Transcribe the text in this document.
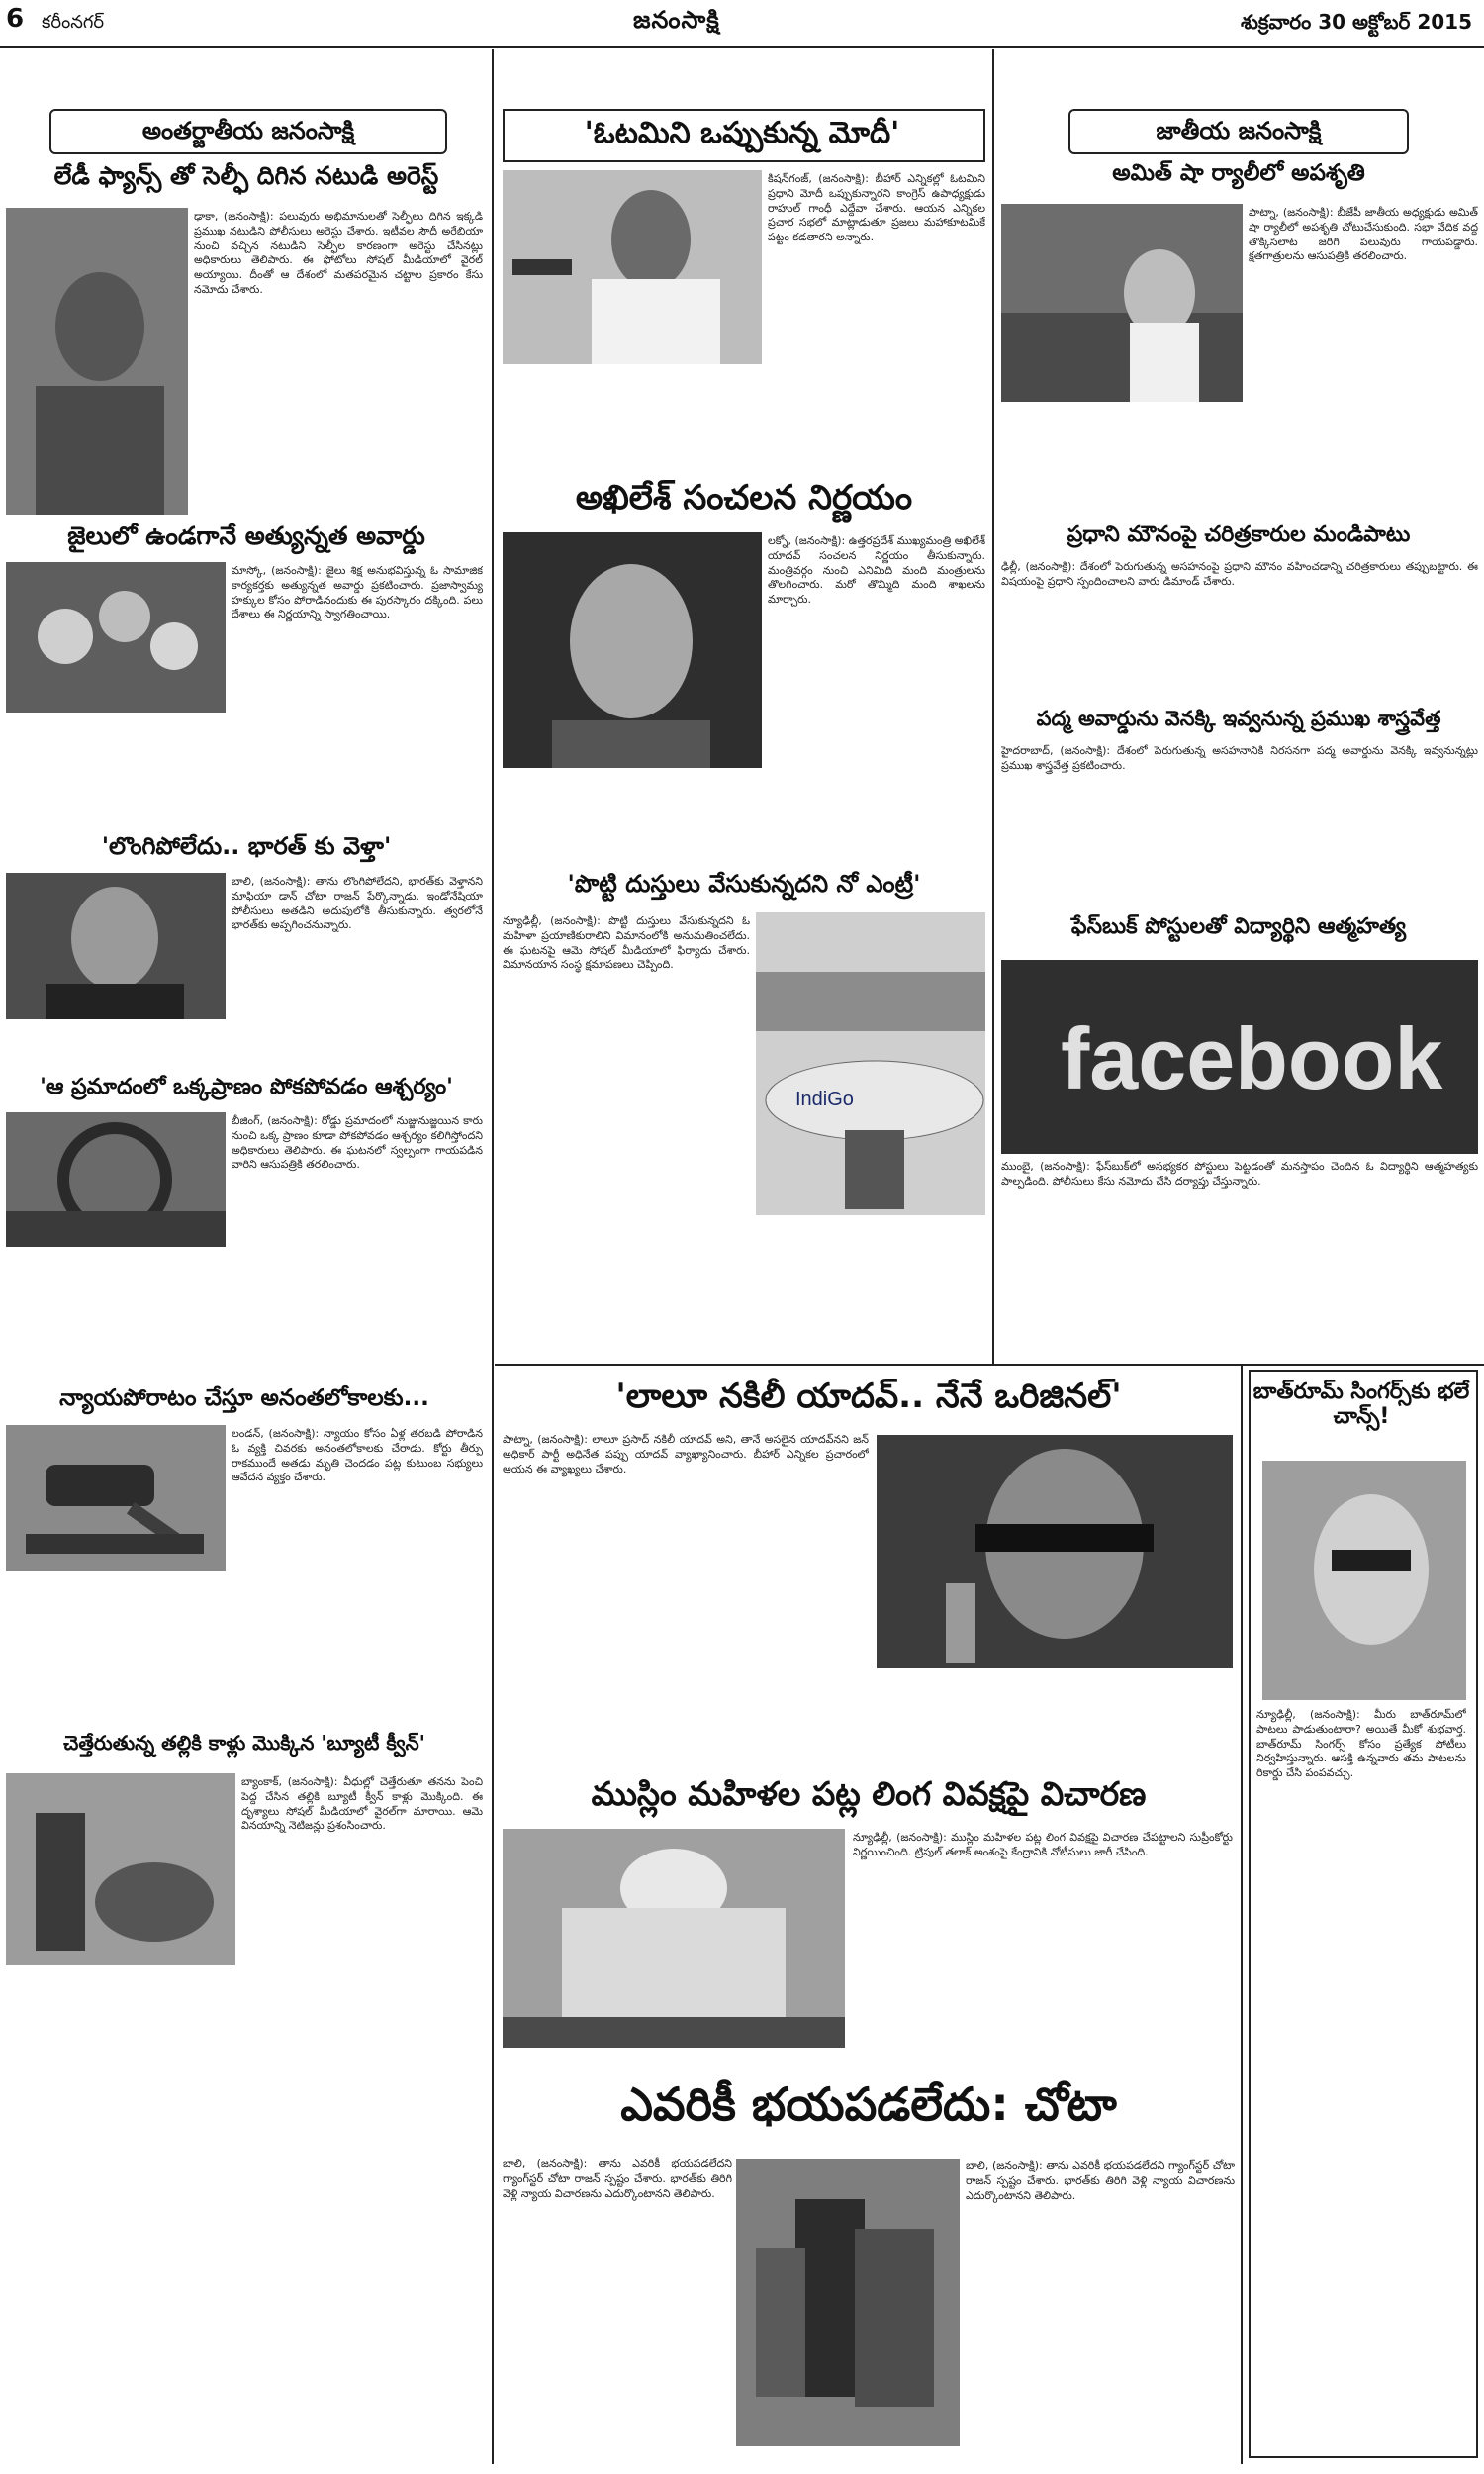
6 కరీంనగర్	జనంసాక్షి	శుక్రవారం 30 అక్టోబర్ 2015
అంతర్జాతీయ జనంసాక్షి
లేడీ ఫ్యాన్స్‌ తో సెల్ఫీ దిగిన నటుడి అరెస్ట్‌
ఢాకా, (జనంసాక్షి): పలువురు అభిమానులతో సెల్ఫీలు దిగిన ఇక్కడి ప్రముఖ నటుడిని పోలీసులు అరెస్టు చేశారు. ఇటీవల సౌదీ అరేబియా నుంచి వచ్చిన నటుడిని సెల్ఫీల కారణంగా అరెస్టు చేసినట్లు అధికారులు తెలిపారు. ఈ ఫోటోలు సోషల్‌ మీడియాలో వైరల్‌ అయ్యాయి. దీంతో ఆ దేశంలో మతపరమైన చట్టాల ప్రకారం కేసు నమోదు చేశారు.
జైలులో ఉండగానే అత్యున్నత అవార్డు
మాస్కో, (జనంసాక్షి): జైలు శిక్ష అనుభవిస్తున్న ఓ సామాజిక కార్యకర్తకు అత్యున్నత అవార్డు ప్రకటించారు. ప్రజాస్వామ్య హక్కుల కోసం పోరాడినందుకు ఈ పురస్కారం దక్కింది. పలు దేశాలు ఈ నిర్ణయాన్ని స్వాగతించాయి.
'లొంగిపోలేదు.. భారత్‌ కు వెళ్తా'
బాలి, (జనంసాక్షి): తాను లొంగిపోలేదని, భారత్‌కు వెళ్తానని మాఫియా డాన్‌ చోటా రాజన్‌ పేర్కొన్నాడు. ఇండోనేషియా పోలీసులు అతడిని అదుపులోకి తీసుకున్నారు. త్వరలోనే భారత్‌కు అప్పగించనున్నారు.
'ఆ ప్రమాదంలో ఒక్కప్రాణం పోకపోవడం ఆశ్చర్యం'
బీజింగ్‌, (జనంసాక్షి): రోడ్డు ప్రమాదంలో నుజ్జునుజ్జయిన కారు నుంచి ఒక్క ప్రాణం కూడా పోకపోవడం ఆశ్చర్యం కలిగిస్తోందని అధికారులు తెలిపారు. ఈ ఘటనలో స్వల్పంగా గాయపడిన వారిని ఆసుపత్రికి తరలించారు.
న్యాయపోరాటం చేస్తూ అనంతలోకాలకు...
లండన్‌, (జనంసాక్షి): న్యాయం కోసం ఏళ్ల తరబడి పోరాడిన ఓ వ్యక్తి చివరకు అనంతలోకాలకు చేరాడు. కోర్టు తీర్పు రాకముందే అతడు మృతి చెందడం పట్ల కుటుంబ సభ్యులు ఆవేదన వ్యక్తం చేశారు.
చెత్తేరుతున్న తల్లికి కాళ్లు మొక్కిన 'బ్యూటీ క్వీన్‌'
బ్యాంకాక్‌, (జనంసాక్షి): వీధుల్లో చెత్తేరుతూ తనను పెంచి పెద్ద చేసిన తల్లికి బ్యూటీ క్వీన్‌ కాళ్లు మొక్కింది. ఈ దృశ్యాలు సోషల్‌ మీడియాలో వైరల్‌గా మారాయి. ఆమె వినయాన్ని నెటిజన్లు ప్రశంసించారు.
'ఓటమిని ఒప్పుకున్న మోదీ'
కిషన్‌గంజ్‌, (జనంసాక్షి): బీహార్‌ ఎన్నికల్లో ఓటమిని ప్రధాని మోదీ ఒప్పుకున్నారని కాంగ్రెస్‌ ఉపాధ్యక్షుడు రాహుల్‌ గాంధీ ఎద్దేవా చేశారు. ఆయన ఎన్నికల ప్రచార సభలో మాట్లాడుతూ ప్రజలు మహాకూటమికే పట్టం కడతారని అన్నారు.
అఖిలేశ్‌ సంచలన నిర్ణయం
లక్నో, (జనంసాక్షి): ఉత్తరప్రదేశ్‌ ముఖ్యమంత్రి అఖిలేశ్‌ యాదవ్‌ సంచలన నిర్ణయం తీసుకున్నారు. మంత్రివర్గం నుంచి ఎనిమిది మంది మంత్రులను తొలగించారు. మరో తొమ్మిది మంది శాఖలను మార్చారు.
'పొట్టి దుస్తులు వేసుకున్నదని నో ఎంట్రీ'
IndiGo
న్యూఢిల్లీ, (జనంసాక్షి): పొట్టి దుస్తులు వేసుకున్నదని ఓ మహిళా ప్రయాణికురాలిని విమానంలోకి అనుమతించలేదు. ఈ ఘటనపై ఆమె సోషల్‌ మీడియాలో ఫిర్యాదు చేశారు. విమానయాన సంస్థ క్షమాపణలు చెప్పింది.
'లాలూ నకిలీ యాదవ్‌.. నేనే ఒరిజినల్‌'
పాట్నా, (జనంసాక్షి): లాలూ ప్రసాద్‌ నకిలీ యాదవ్‌ అని, తానే అసలైన యాదవ్‌నని జన్‌ అధికార్‌ పార్టీ అధినేత పప్పు యాదవ్‌ వ్యాఖ్యానించారు. బీహార్‌ ఎన్నికల ప్రచారంలో ఆయన ఈ వ్యాఖ్యలు చేశారు.
ముస్లిం మహిళల పట్ల లింగ వివక్షపై విచారణ
న్యూఢిల్లీ, (జనంసాక్షి): ముస్లిం మహిళల పట్ల లింగ వివక్షపై విచారణ చేపట్టాలని సుప్రీంకోర్టు నిర్ణయించింది. ట్రిపుల్‌ తలాక్‌ అంశంపై కేంద్రానికి నోటీసులు జారీ చేసింది.
ఎవరికీ భయపడలేదు: చోటా
బాలి, (జనంసాక్షి): తాను ఎవరికీ భయపడలేదని గ్యాంగ్‌స్టర్‌ చోటా రాజన్‌ స్పష్టం చేశారు. భారత్‌కు తిరిగి వెళ్లి న్యాయ విచారణను ఎదుర్కొంటానని తెలిపారు.
బాలి, (జనంసాక్షి): తాను ఎవరికీ భయపడలేదని గ్యాంగ్‌స్టర్‌ చోటా రాజన్‌ స్పష్టం చేశారు. భారత్‌కు తిరిగి వెళ్లి న్యాయ విచారణను ఎదుర్కొంటానని తెలిపారు.
జాతీయ జనంసాక్షి
అమిత్‌ షా ర్యాలీలో అపశృతి
పాట్నా, (జనంసాక్షి): బీజేపీ జాతీయ అధ్యక్షుడు అమిత్‌ షా ర్యాలీలో అపశృతి చోటుచేసుకుంది. సభా వేదిక వద్ద తొక్కిసలాట జరిగి పలువురు గాయపడ్డారు. క్షతగాత్రులను ఆసుపత్రికి తరలించారు.
ప్రధాని మౌనంపై చరిత్రకారుల మండిపాటు
ఢిల్లీ, (జనంసాక్షి): దేశంలో పెరుగుతున్న అసహనంపై ప్రధాని మౌనం వహించడాన్ని చరిత్రకారులు తప్పుబట్టారు. ఈ విషయంపై ప్రధాని స్పందించాలని వారు డిమాండ్‌ చేశారు.
పద్మ అవార్డును వెనక్కి ఇవ్వనున్న ప్రముఖ శాస్త్రవేత్త
హైదరాబాద్‌, (జనంసాక్షి): దేశంలో పెరుగుతున్న అసహనానికి నిరసనగా పద్మ అవార్డును వెనక్కి ఇవ్వనున్నట్లు ప్రముఖ శాస్త్రవేత్త ప్రకటించారు.
ఫేస్‌బుక్‌ పోస్టులతో విద్యార్థిని ఆత్మహత్య
facebook
ముంబై, (జనంసాక్షి): ఫేస్‌బుక్‌లో అసభ్యకర పోస్టులు పెట్టడంతో మనస్తాపం చెందిన ఓ విద్యార్థిని ఆత్మహత్యకు పాల్పడింది. పోలీసులు కేసు నమోదు చేసి దర్యాప్తు చేస్తున్నారు.
బాత్‌రూమ్‌ సింగర్స్‌కు భలే చాన్స్‌!
న్యూఢిల్లీ, (జనంసాక్షి): మీరు బాత్‌రూమ్‌లో పాటలు పాడుతుంటారా? అయితే మీకో శుభవార్త. బాత్‌రూమ్‌ సింగర్స్‌ కోసం ప్రత్యేక పోటీలు నిర్వహిస్తున్నారు. ఆసక్తి ఉన్నవారు తమ పాటలను రికార్డు చేసి పంపవచ్చు.
